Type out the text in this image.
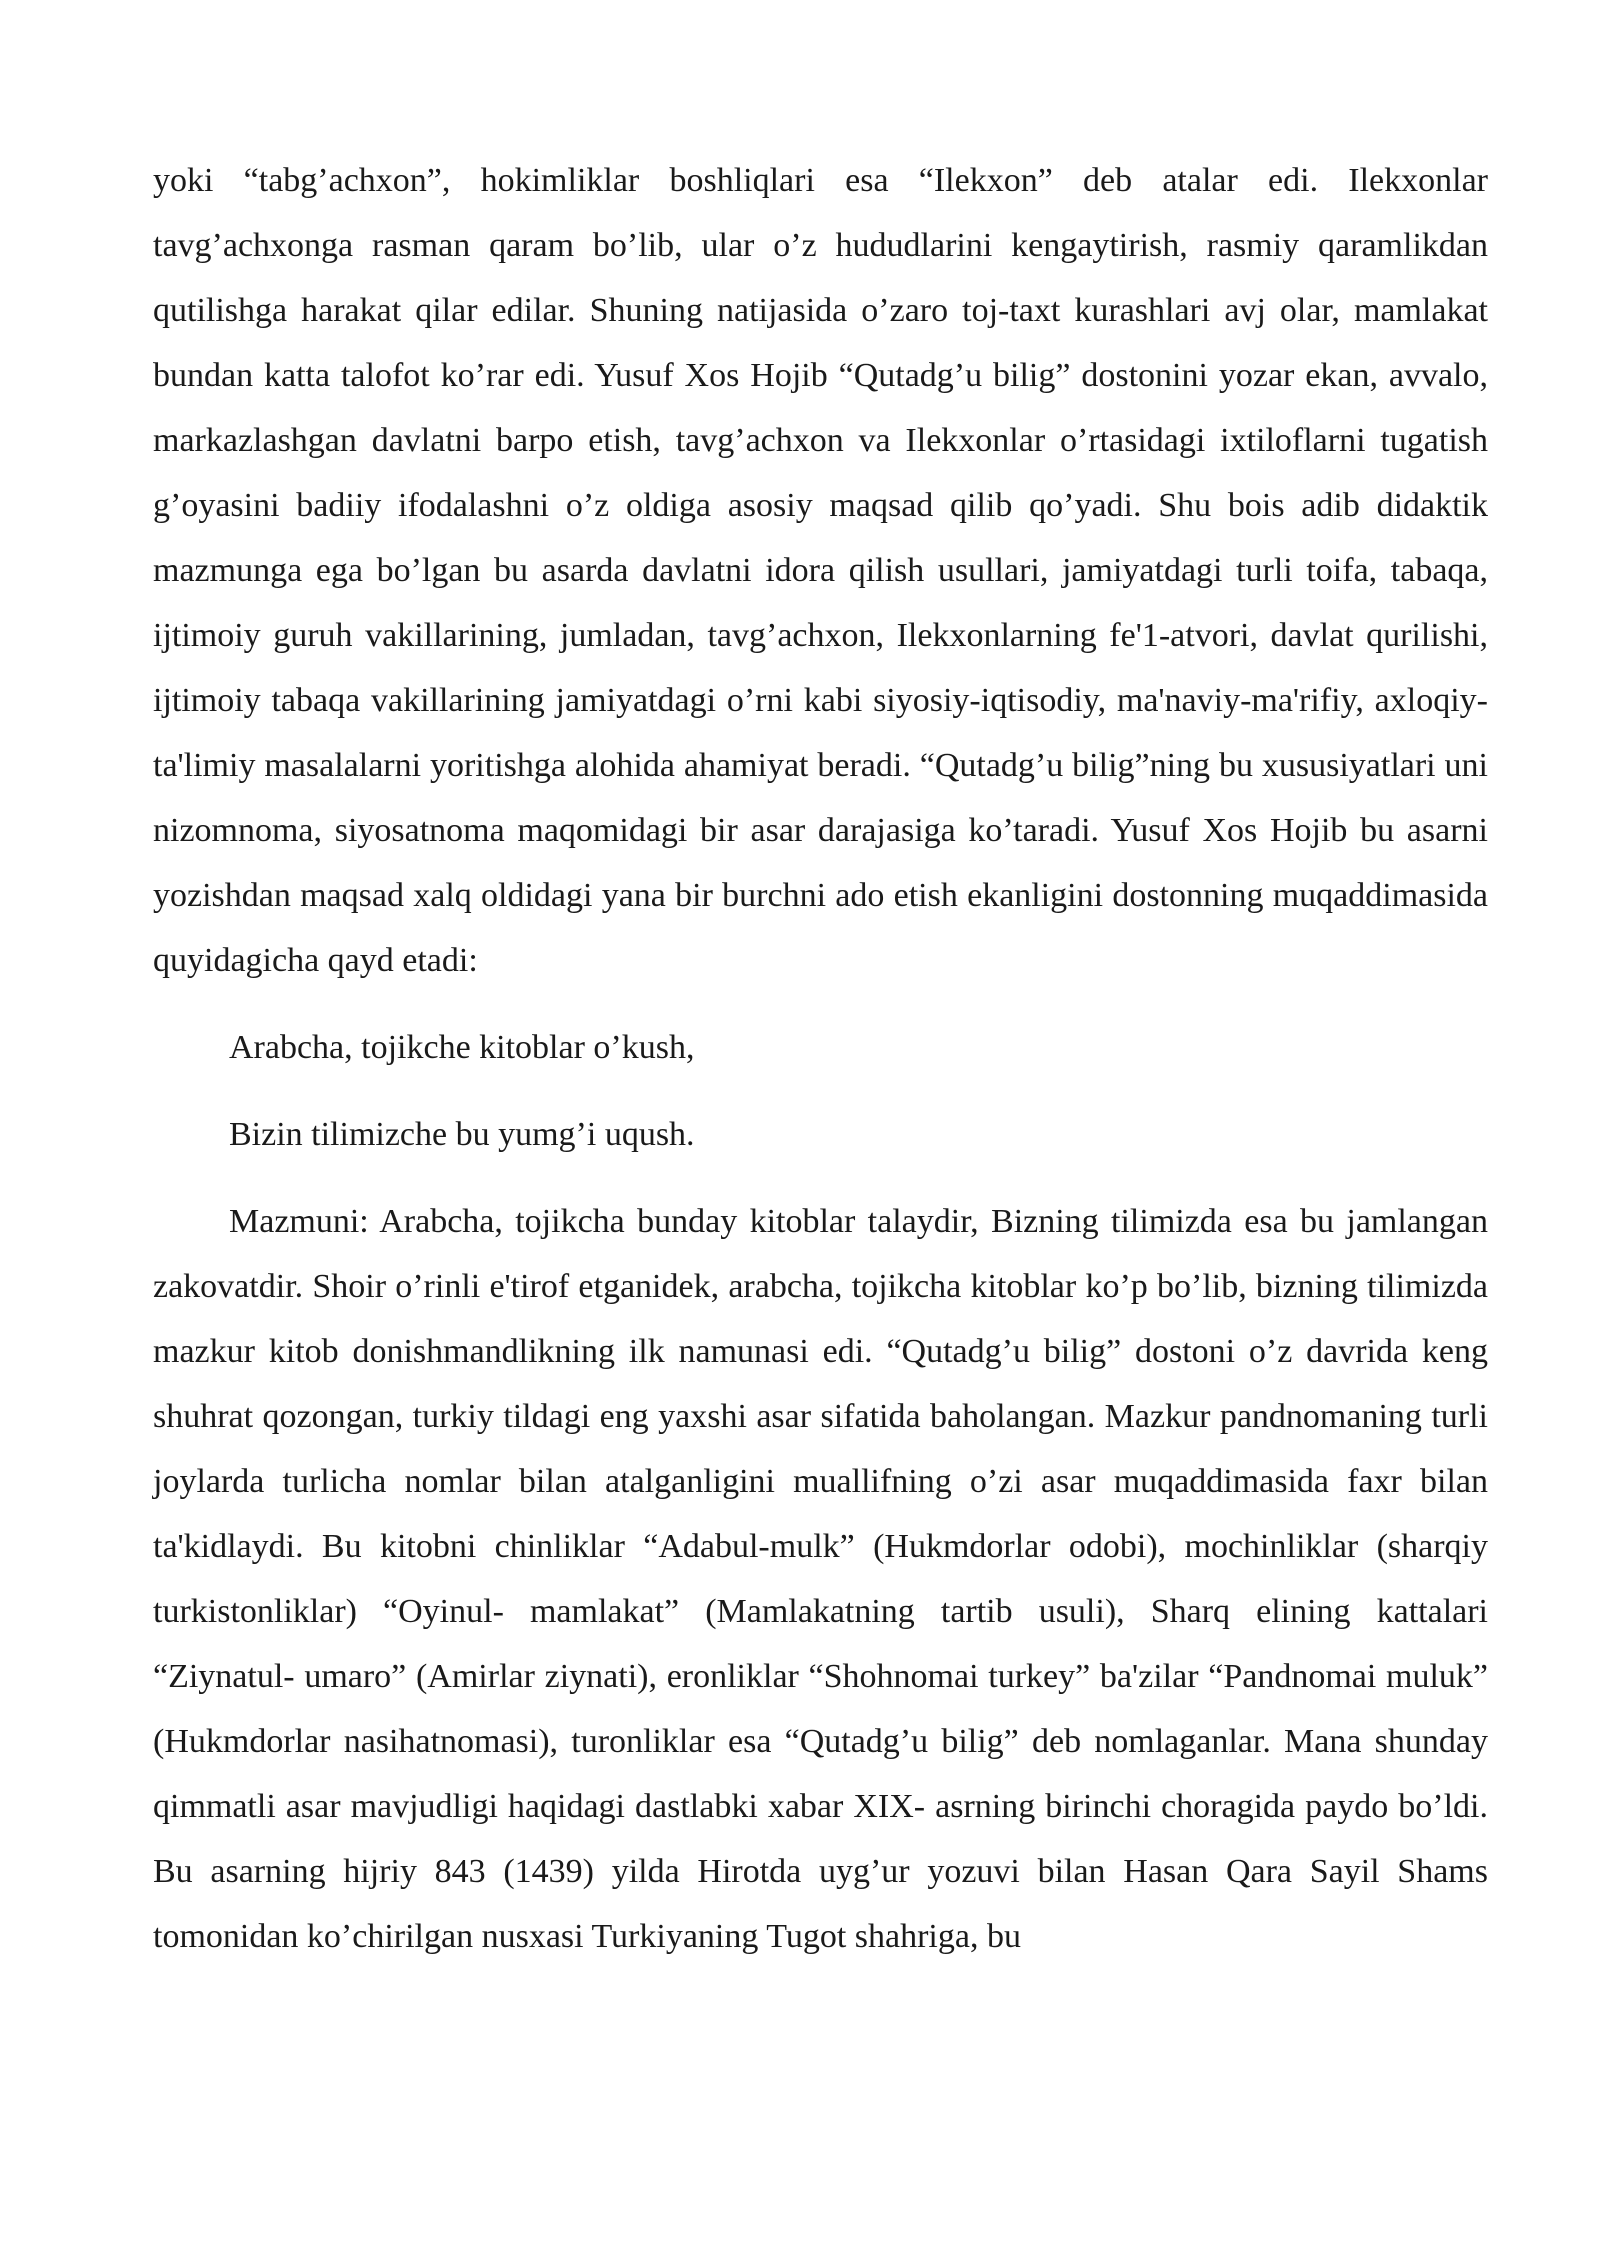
yoki “tabg’achxon”, hokimliklar boshliqlari esa “Ilekxon” deb atalar edi. Ilekxonlar tavg’achxonga rasman qaram bo’lib, ular o’z hududlarini kengaytirish, rasmiy qaramlikdan qutilishga harakat qilar edilar. Shuning natijasida o’zaro toj-taxt kurashlari avj olar, mamlakat bundan katta talofot ko’rar edi. Yusuf Xos Hojib “Qutadg’u bilig” dostonini yozar ekan, avvalo, markazlashgan davlatni barpo etish, tavg’achxon va Ilekxonlar o’rtasidagi ixtiloflarni tugatish g’oyasini badiiy ifodalashni o’z oldiga asosiy maqsad qilib qo’yadi. Shu bois adib didaktik mazmunga ega bo’lgan bu asarda davlatni idora qilish usullari, jamiyatdagi turli toifa, tabaqa, ijtimoiy guruh vakillarining, jumladan, tavg’achxon, Ilekxonlarning fe'1-atvori, davlat qurilishi, ijtimoiy tabaqa vakillarining jamiyatdagi o’rni kabi siyosiy-iqtisodiy, ma'naviy-ma'rifiy, axloqiy-ta'limiy masalalarni yoritishga alohida ahamiyat beradi. “Qutadg’u bilig”ning bu xususiyatlari uni nizomnoma, siyosatnoma maqomidagi bir asar darajasiga ko’taradi. Yusuf Xos Hojib bu asarni yozishdan maqsad xalq oldidagi yana bir burchni ado etish ekanligini dostonning muqaddimasida quyidagicha qayd etadi:

Arabcha, tojikche kitoblar o’kush,

Bizin tilimizche bu yumg’i uqush.

Mazmuni: Arabcha, tojikcha bunday kitoblar talaydir, Bizning tilimizda esa bu jamlangan zakovatdir. Shoir o’rinli e'tirof etganidek, arabcha, tojikcha kitoblar ko’p bo’lib, bizning tilimizda mazkur kitob donishmandlikning ilk namunasi edi. “Qutadg’u bilig” dostoni o’z davrida keng shuhrat qozongan, turkiy tildagi eng yaxshi asar sifatida baholangan. Mazkur pandnomaning turli joylarda turlicha nomlar bilan atalganligini muallifning o’zi asar muqaddimasida faxr bilan ta'kidlaydi. Bu kitobni chinliklar “Adabul-mulk” (Hukmdorlar odobi), mochinliklar (sharqiy turkistonliklar) “Oyinul- mamlakat” (Mamlakatning tartib usuli), Sharq elining kattalari “Ziynatul- umaro” (Amirlar ziynati), eronliklar “Shohnomai turkey” ba'zilar “Pandnomai muluk” (Hukmdorlar nasihatnomasi), turonliklar esa “Qutadg’u bilig” deb nomlaganlar. Mana shunday qimmatli asar mavjudligi haqidagi dastlabki xabar XIX- asrning birinchi choragida paydo bo’ldi. Bu asarning hijriy 843 (1439) yilda Hirotda uyg’ur yozuvi bilan Hasan Qara Sayil Shams tomonidan ko’chirilgan nusxasi Turkiyaning Tugot shahriga, bu
